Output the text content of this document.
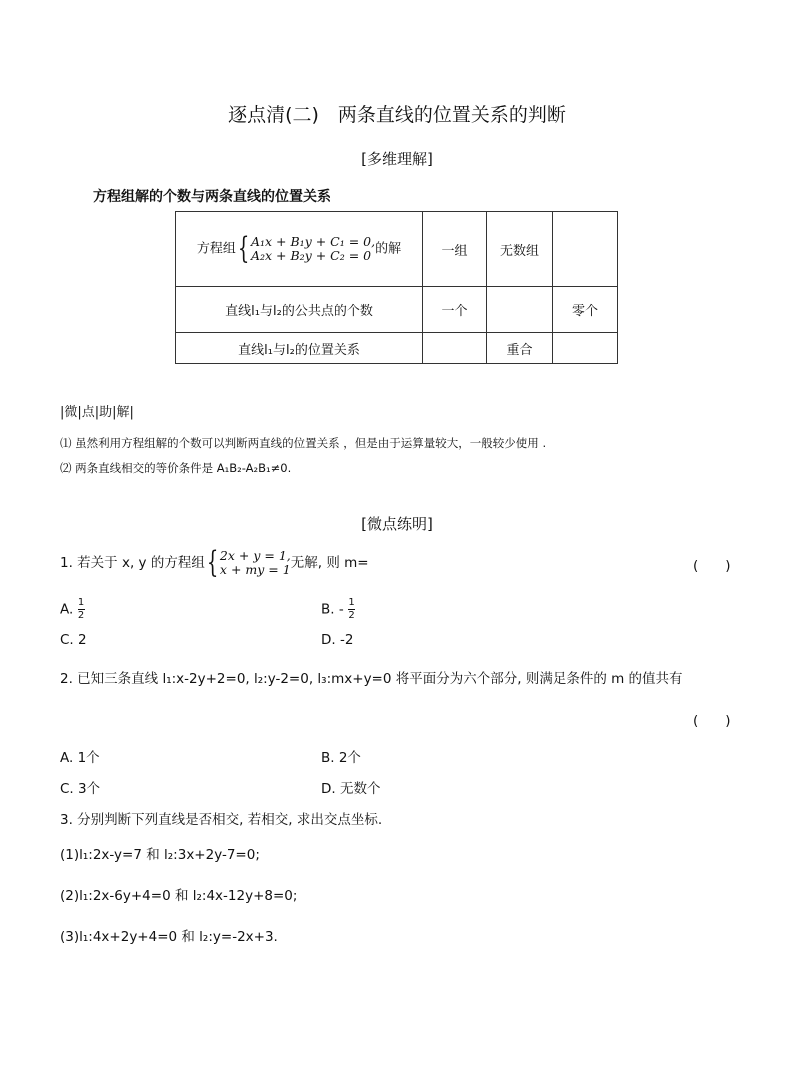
逐点清(二)　两条直线的位置关系的判断
[多维理解]
方程组解的个数与两条直线的位置关系
方程组 { A₁x + B₁y + C₁ = 0,
A₂x + B₂y + C₂ = 0 的解	一组	无数组	
直线l₁与l₂的公共点的个数	一个		零个
直线l₁与l₂的位置关系		重合	
|微|点|助|解|
⑴ 虽然利用方程组解的个数可以判断两直线的位置关系 ，但是由于运算量较大，一般较少使用 .
⑵ 两条直线相交的等价条件是 A₁B₂-A₂B₁≠0.
[微点练明]
1. 若关于 x, y 的方程组 { 2x + y = 1,
x + my = 1 无解, 则 m=	(　　)
A. $\frac{1}{2}$	B. - $\frac{1}{2}$
C. 2	D. -2
2. 已知三条直线 l₁:x-2y+2=0, l₂:y-2=0, l₃:mx+y=0 将平面分为六个部分, 则满足条件的 m 的值共有
(　　)
A. 1个	B. 2个
C. 3个	D. 无数个
3. 分别判断下列直线是否相交, 若相交, 求出交点坐标.
(1)l₁:2x-y=7 和 l₂:3x+2y-7=0;
(2)l₁:2x-6y+4=0 和 l₂:4x-12y+8=0;
(3)l₁:4x+2y+4=0 和 l₂:y=-2x+3.
